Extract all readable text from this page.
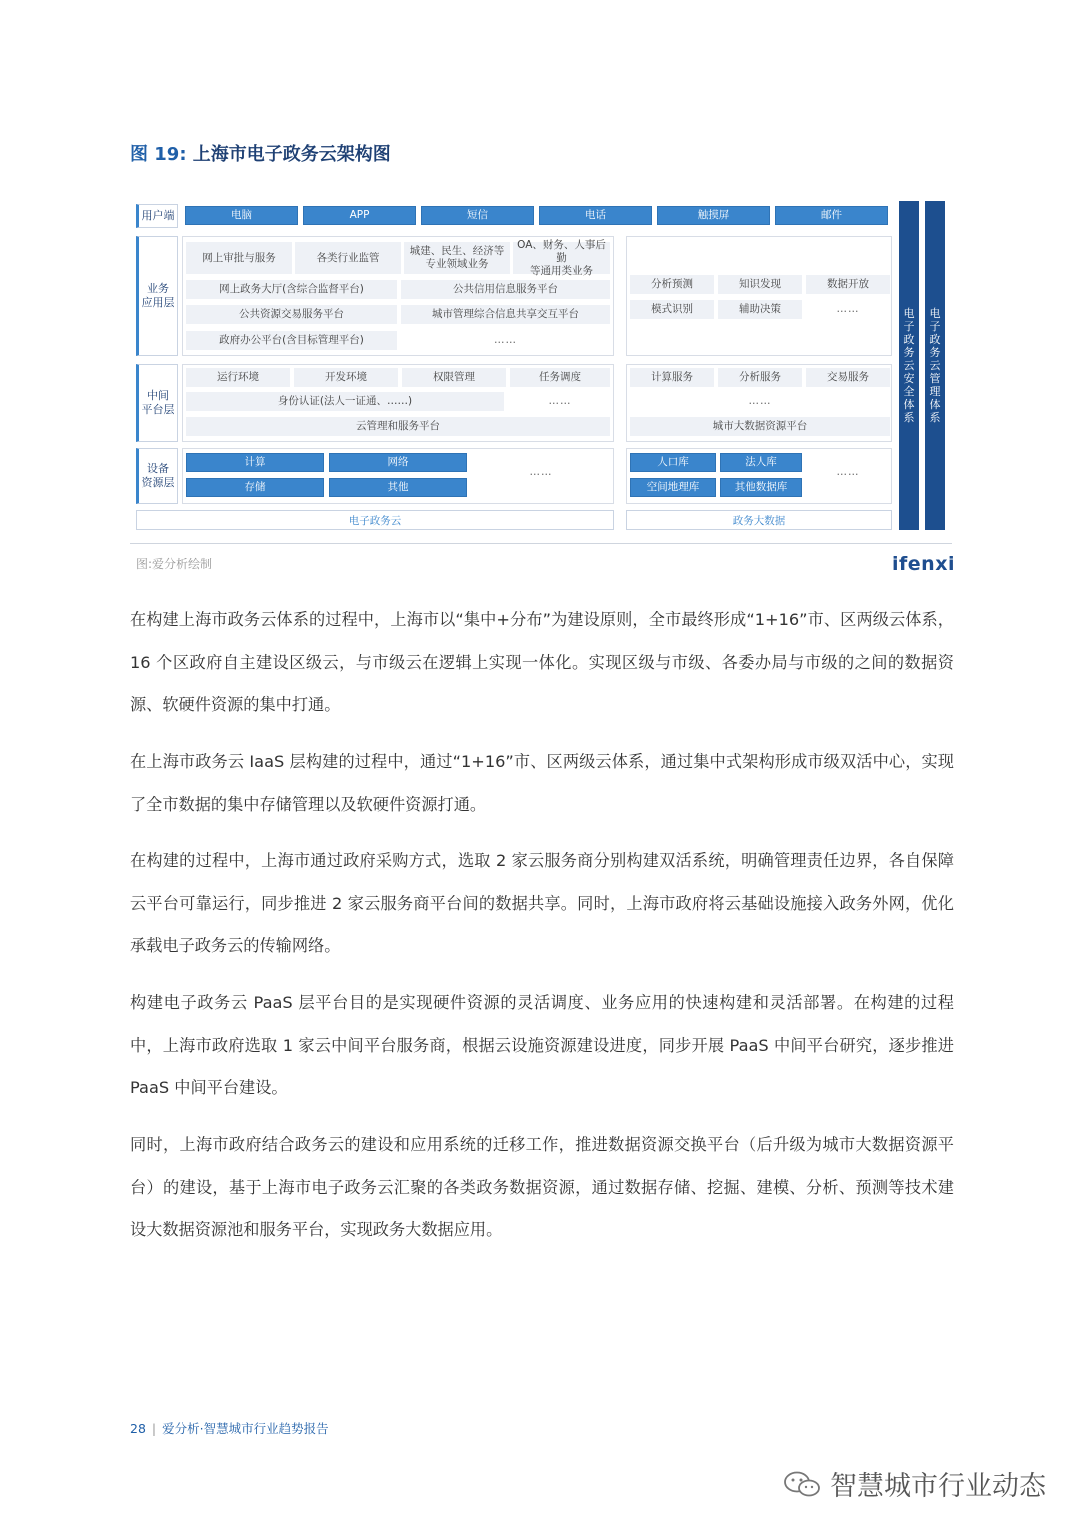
图 19: 上海市电子政务云架构图
用户端	电脑	APP	短信	电话	触摸屏	邮件
业务
应用层
网上审批与服务	各类行业监管
城建、民生、经济等
专业领域业务
OA、财务、人事后勤
等通用类业务
网上政务大厅(含综合监督平台)	公共信用信息服务平台
公共资源交易服务平台	城市管理综合信息共享交互平台
政府办公平台(含目标管理平台)	……
分析预测	知识发现	数据开放
模式识别	辅助决策	……
中间
平台层
运行环境	开发环境	权限管理	任务调度
身份认证(法人一证通、……)	……
云管理和服务平台
计算服务	分析服务	交易服务
……
城市大数据资源平台
设备
资源层
计算	网络
存储	其他
……
人口库	法人库
空间地理库	其他数据库
……
电子政务云	政务大数据
电子政务云安全体系
电子政务云管理体系
图:爱分析绘制	ifenxi

在构建上海市政务云体系的过程中，上海市以“集中+分布”为建设原则，全市最终形成“1+16”市、区两级云体系，16 个区政府自主建设区级云，与市级云在逻辑上实现一体化。实现区级与市级、各委办局与市级的之间的数据资源、软硬件资源的集中打通。

在上海市政务云 IaaS 层构建的过程中，通过“1+16”市、区两级云体系，通过集中式架构形成市级双活中心，实现了全市数据的集中存储管理以及软硬件资源打通。

在构建的过程中，上海市通过政府采购方式，选取 2 家云服务商分别构建双活系统，明确管理责任边界，各自保障云平台可靠运行，同步推进 2 家云服务商平台间的数据共享。同时，上海市政府将云基础设施接入政务外网，优化承载电子政务云的传输网络。

构建电子政务云 PaaS 层平台目的是实现硬件资源的灵活调度、业务应用的快速构建和灵活部署。在构建的过程中，上海市政府选取 1 家云中间平台服务商，根据云设施资源建设进度，同步开展 PaaS 中间平台研究，逐步推进 PaaS 中间平台建设。

同时，上海市政府结合政务云的建设和应用系统的迁移工作，推进数据资源交换平台（后升级为城市大数据资源平台）的建设，基于上海市电子政务云汇聚的各类政务数据资源，通过数据存储、挖掘、建模、分析、预测等技术建设大数据资源池和服务平台，实现政务大数据应用。

28 | 爱分析·智慧城市行业趋势报告
智慧城市行业动态
